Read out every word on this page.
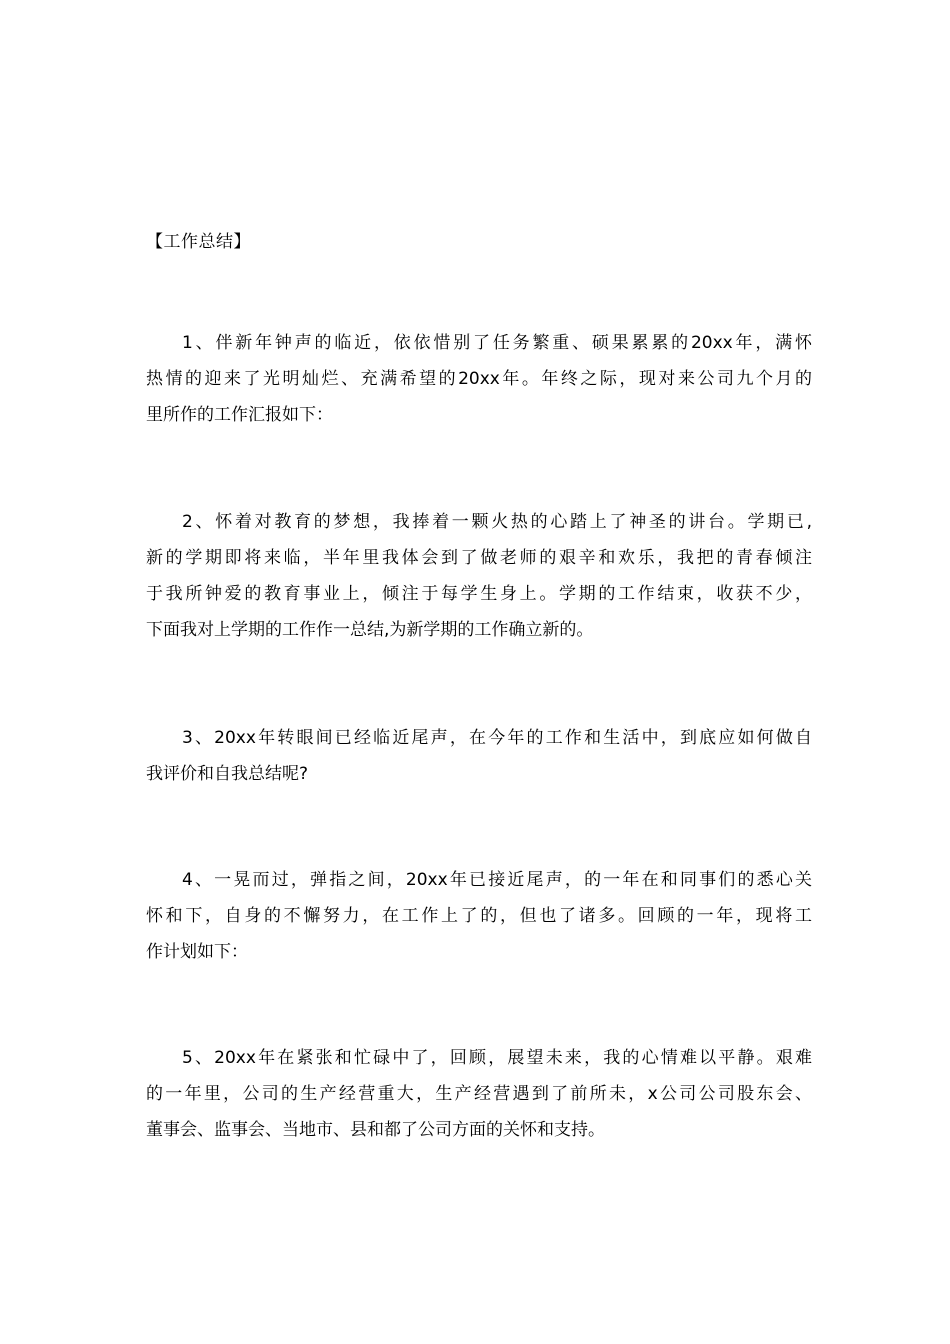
【工作总结】
1、伴新年钟声的临近，依依惜别了任务繁重、硕果累累的20xx年，满怀
热情的迎来了光明灿烂、充满希望的20xx年。年终之际，现对来公司九个月的
里所作的工作汇报如下：
2、怀着对教育的梦想，我捧着一颗火热的心踏上了神圣的讲台。学期已,
新的学期即将来临，半年里我体会到了做老师的艰辛和欢乐，我把的青春倾注
于我所钟爱的教育事业上，倾注于每学生身上。学期的工作结束，收获不少，
下面我对上学期的工作作一总结,为新学期的工作确立新的。
3、20xx年转眼间已经临近尾声，在今年的工作和生活中，到底应如何做自
我评价和自我总结呢?
4、一晃而过，弹指之间，20xx年已接近尾声，的一年在和同事们的悉心关
怀和下，自身的不懈努力，在工作上了的，但也了诸多。回顾的一年，现将工
作计划如下：
5、20xx年在紧张和忙碌中了，回顾，展望未来，我的心情难以平静。艰难
的一年里，公司的生产经营重大，生产经营遇到了前所未，x公司公司股东会、
董事会、监事会、当地市、县和都了公司方面的关怀和支持。
